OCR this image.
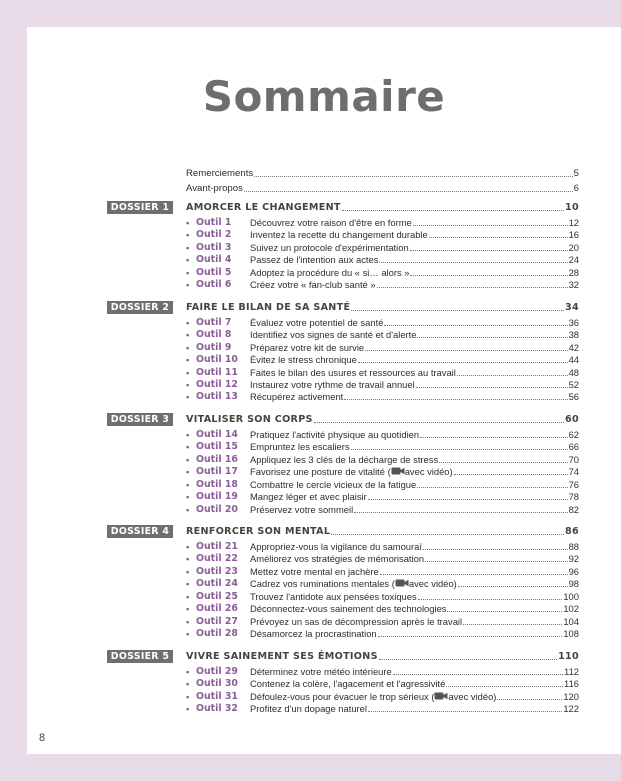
Sommaire
Remerciements	5
Avant-propos	6
DOSSIER 1	AMORCER LE CHANGEMENT	10
• Outil 1	Découvrez votre raison d'être en forme	12
• Outil 2	Inventez la recette du changement durable	16
• Outil 3	Suivez un protocole d'expérimentation	20
• Outil 4	Passez de l'intention aux actes	24
• Outil 5	Adoptez la procédure du « si… alors »	28
• Outil 6	Créez votre « fan-club santé »	32
DOSSIER 2	FAIRE LE BILAN DE SA SANTÉ	34
• Outil 7	Évaluez votre potentiel de santé	36
• Outil 8	Identifiez vos signes de santé et d'alerte	38
• Outil 9	Préparez votre kit de survie	42
• Outil 10	Évitez le stress chronique	44
• Outil 11	Faites le bilan des usures et ressources au travail	48
• Outil 12	Instaurez votre rythme de travail annuel	52
• Outil 13	Récupérez activement	56
DOSSIER 3	VITALISER SON CORPS	60
• Outil 14	Pratiquez l'activité physique au quotidien	62
• Outil 15	Empruntez les escaliers	66
• Outil 16	Appliquez les 3 clés de la décharge de stress	70
• Outil 17	Favorisez une posture de vitalité ( avec vidéo)	74
• Outil 18	Combattre le cercle vicieux de la fatigue	76
• Outil 19	Mangez léger et avec plaisir	78
• Outil 20	Préservez votre sommeil	82
DOSSIER 4	RENFORCER SON MENTAL	86
• Outil 21	Appropriez-vous la vigilance du samouraï	88
• Outil 22	Améliorez vos stratégies de mémorisation	92
• Outil 23	Mettez votre mental en jachère	96
• Outil 24	Cadrez vos ruminations mentales ( avec vidéo)	98
• Outil 25	Trouvez l'antidote aux pensées toxiques	100
• Outil 26	Déconnectez-vous sainement des technologies	102
• Outil 27	Prévoyez un sas de décompression après le travail	104
• Outil 28	Désamorcez la procrastination	108
DOSSIER 5	VIVRE SAINEMENT SES ÉMOTIONS	110
• Outil 29	Déterminez votre météo intérieure	112
• Outil 30	Contenez la colère, l'agacement et l'agressivité	116
• Outil 31	Défoulez-vous pour évacuer le trop sérieux ( avec vidéo)	120
• Outil 32	Profitez d'un dopage naturel	122
8
